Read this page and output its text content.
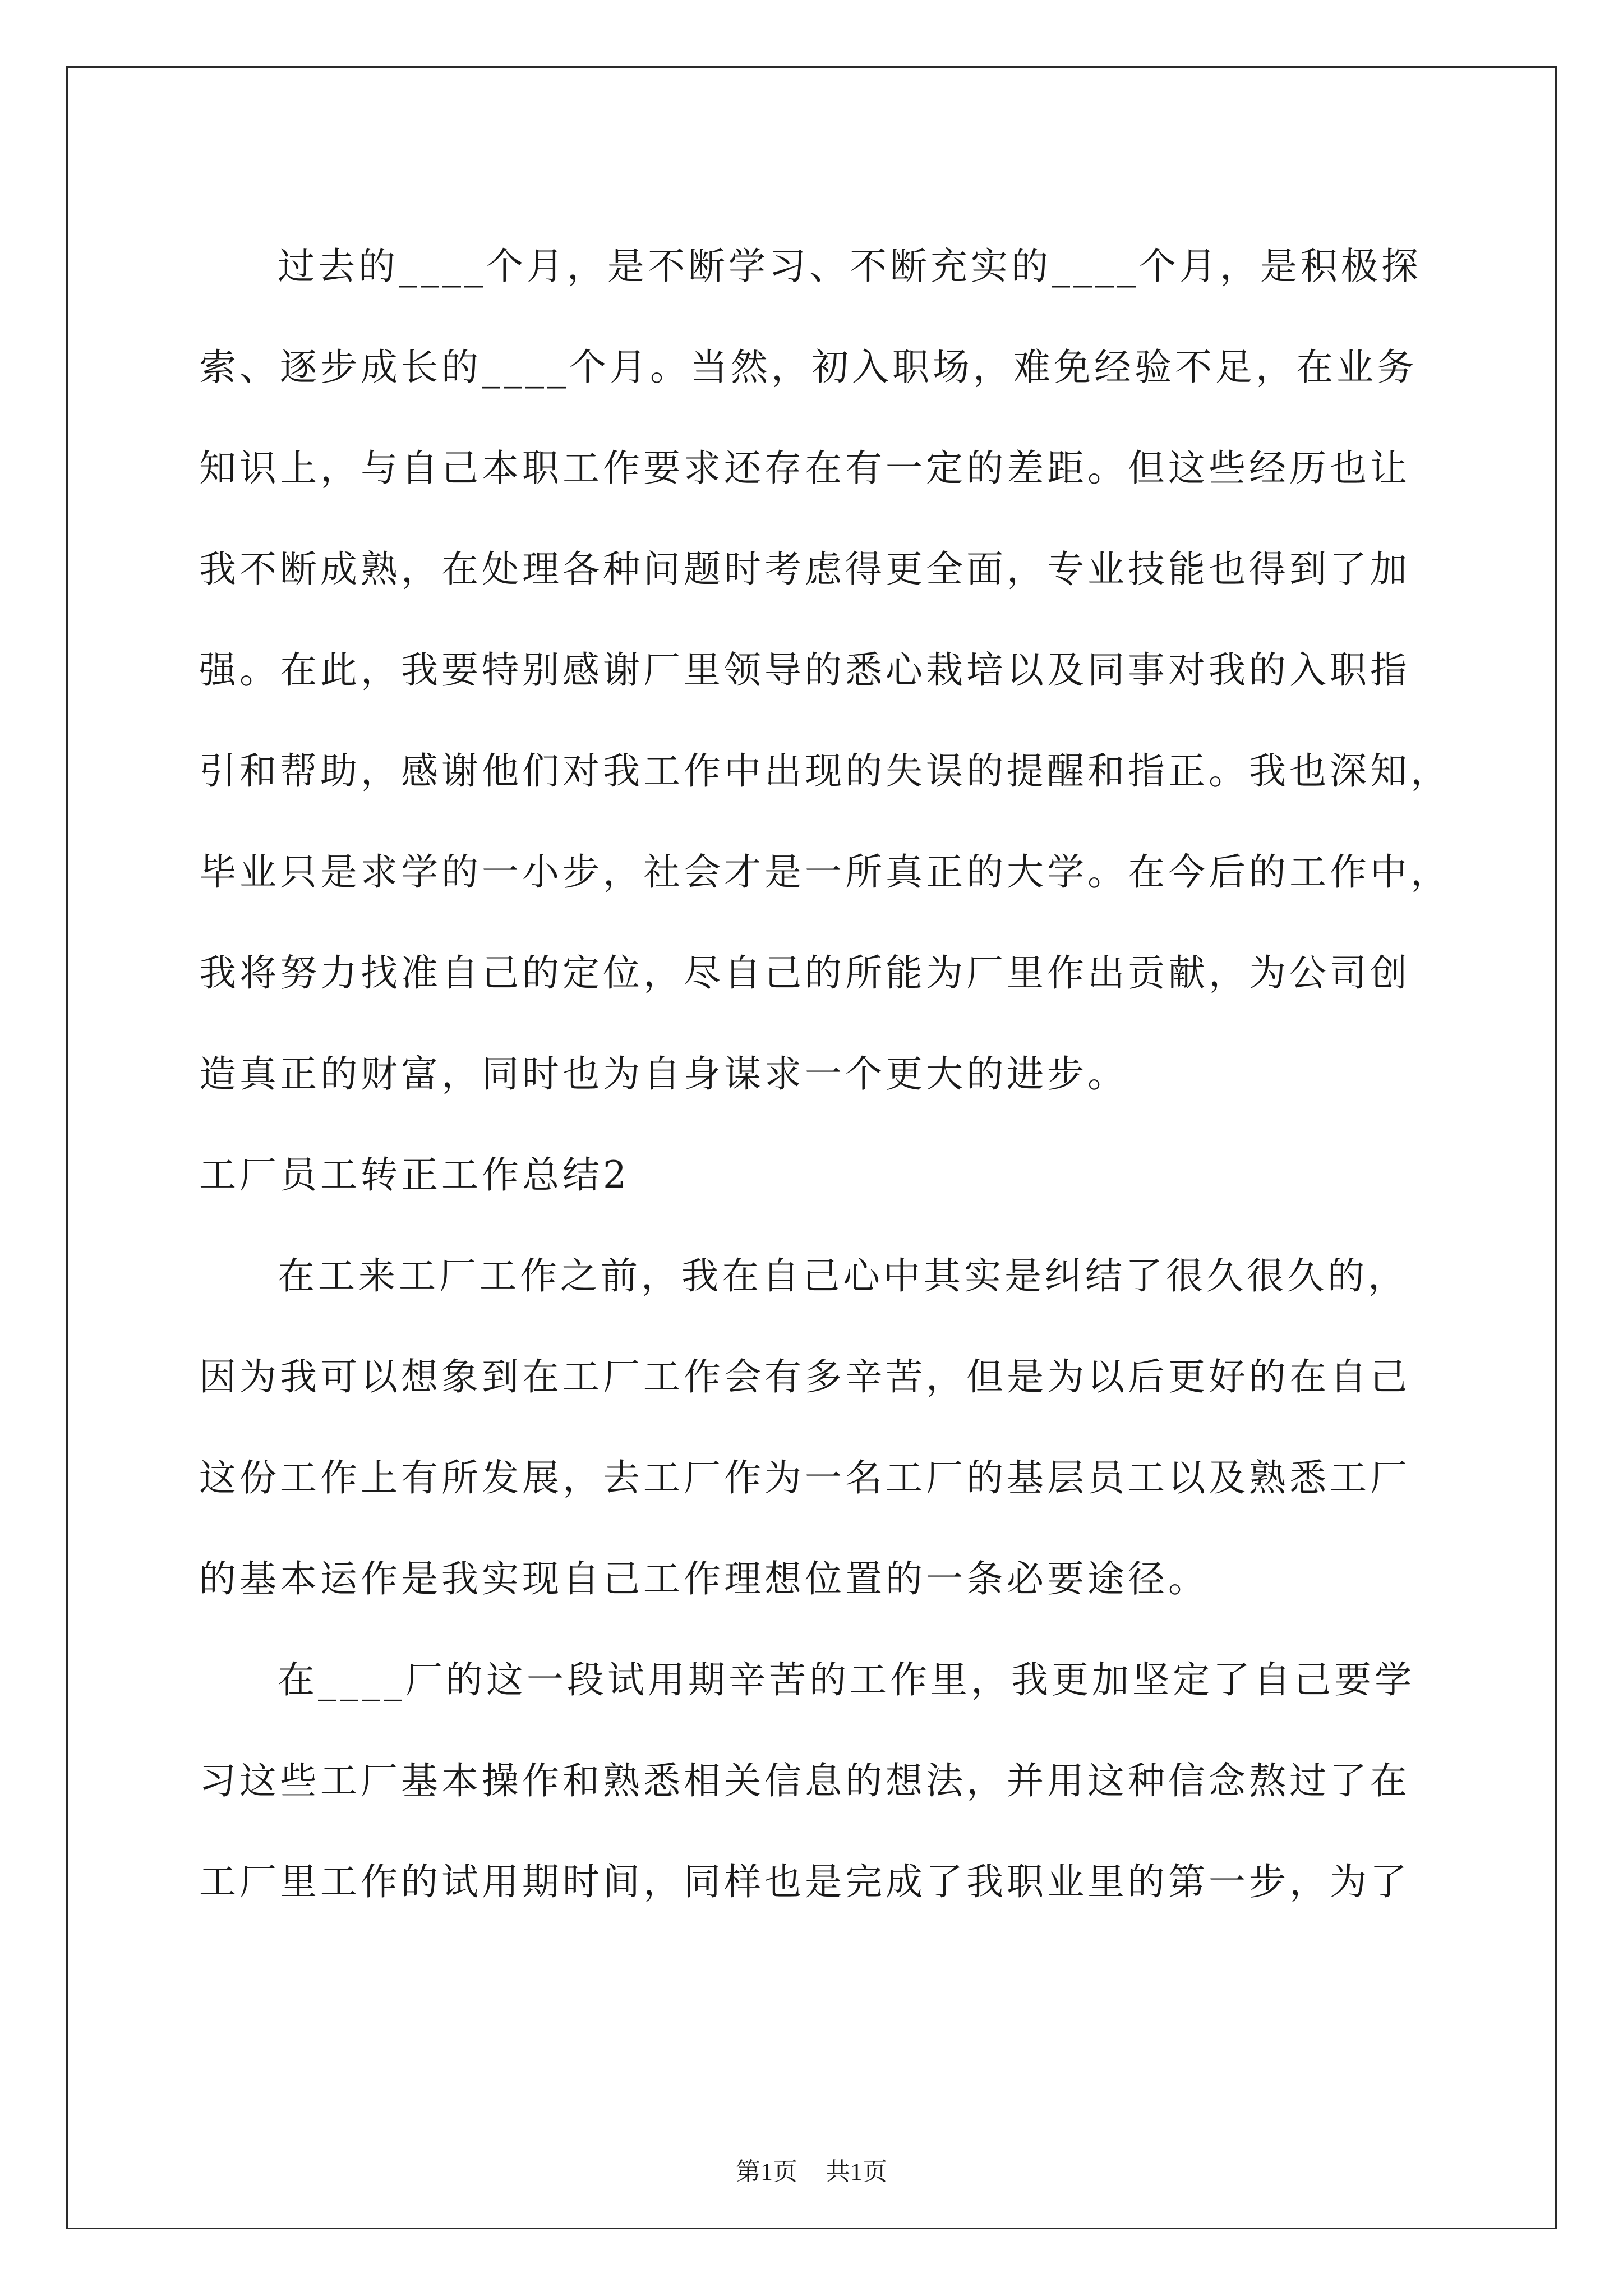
过去的____个月，是不断学习、不断充实的____个月，是积极探
索、逐步成长的____个月。当然，初入职场，难免经验不足，在业务
知识上，与自己本职工作要求还存在有一定的差距。但这些经历也让
我不断成熟，在处理各种问题时考虑得更全面，专业技能也得到了加
强。在此，我要特别感谢厂里领导的悉心栽培以及同事对我的入职指
引和帮助，感谢他们对我工作中出现的失误的提醒和指正。我也深知，
毕业只是求学的一小步，社会才是一所真正的大学。在今后的工作中，
我将努力找准自己的定位，尽自己的所能为厂里作出贡献，为公司创
造真正的财富，同时也为自身谋求一个更大的进步。
工厂员工转正工作总结2
在工来工厂工作之前，我在自己心中其实是纠结了很久很久的，
因为我可以想象到在工厂工作会有多辛苦，但是为以后更好的在自己
这份工作上有所发展，去工厂作为一名工厂的基层员工以及熟悉工厂
的基本运作是我实现自己工作理想位置的一条必要途径。
在____厂的这一段试用期辛苦的工作里，我更加坚定了自己要学
习这些工厂基本操作和熟悉相关信息的想法，并用这种信念熬过了在
工厂里工作的试用期时间，同样也是完成了我职业里的第一步，为了
第1页 共1页
